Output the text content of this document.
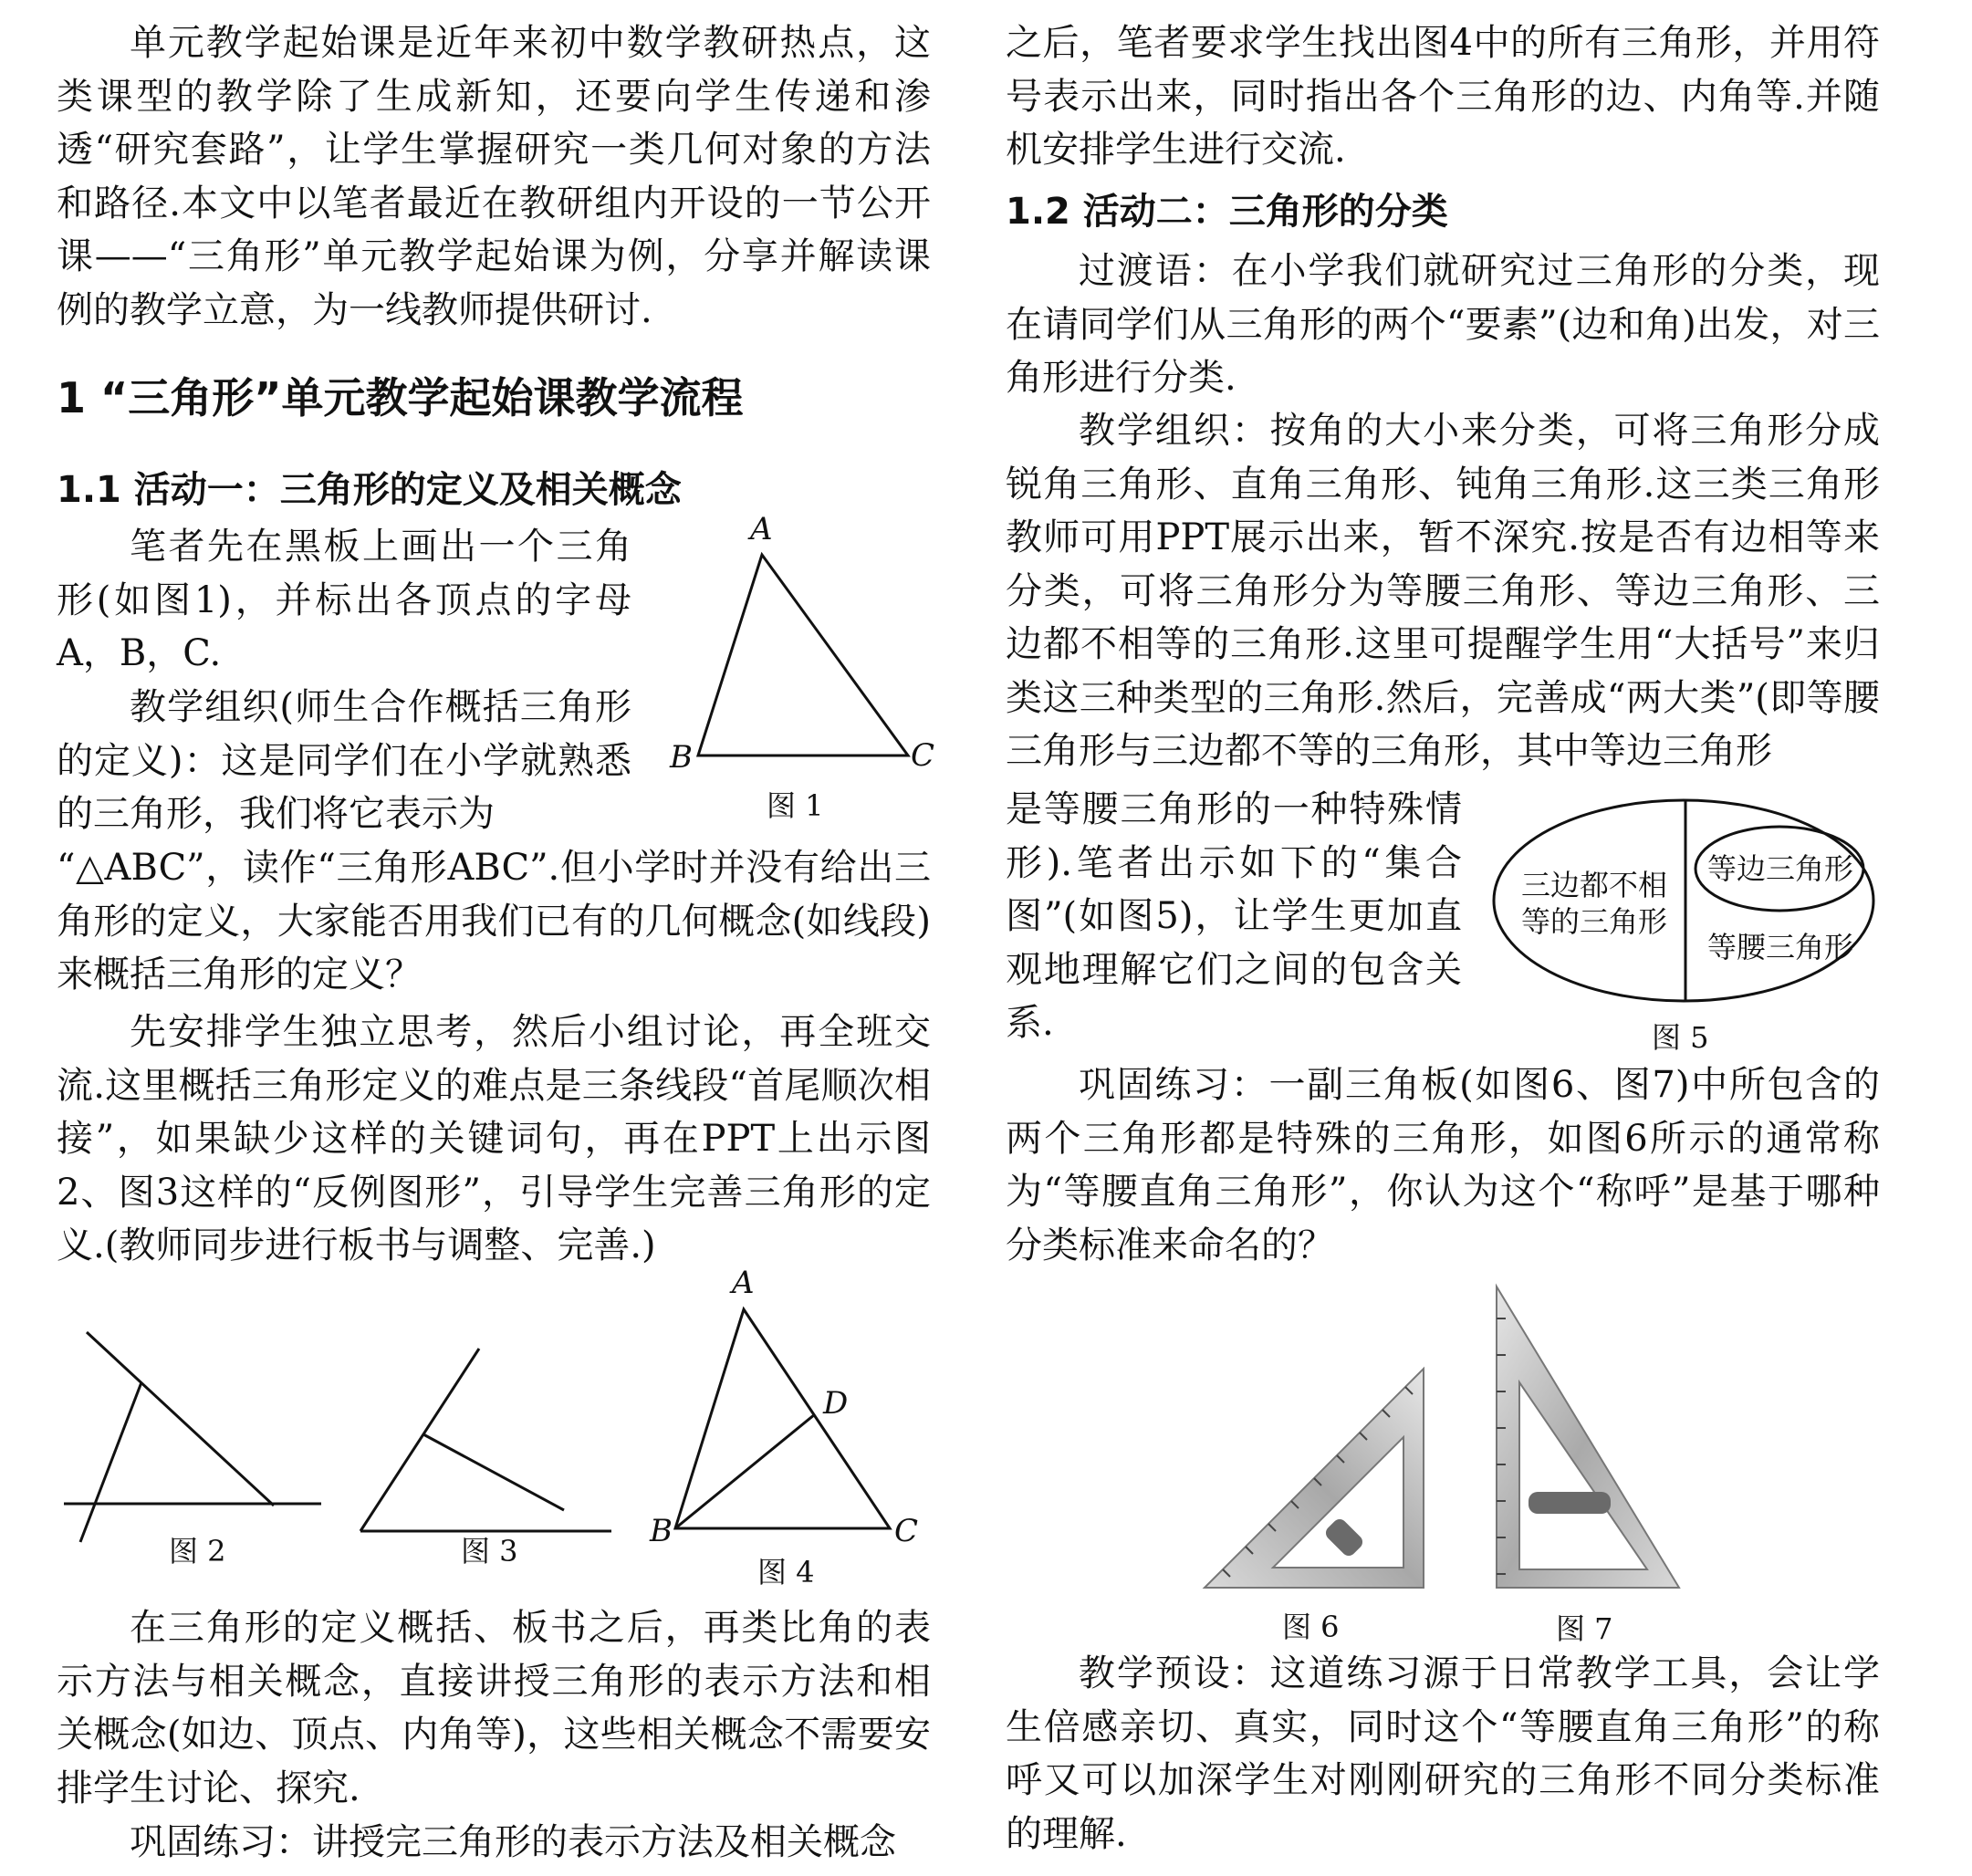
单元教学起始课是近年来初中数学教研热点，这类课型的教学除了生成新知，还要向学生传递和渗透“研究套路”，让学生掌握研究一类几何对象的方法和路径.本文中以笔者最近在教研组内开设的一节公开课——“三角形”单元教学起始课为例，分享并解读课例的教学立意，为一线教师提供研讨.

1 “三角形”单元教学起始课教学流程
1.1 活动一：三角形的定义及相关概念

笔者先在黑板上画出一个三角形(如图1)，并标出各顶点的字母A，B，C.

教学组织(师生合作概括三角形的定义)：这是同学们在小学就熟悉的三角形，我们将它表示为

“△ABC”，读作“三角形ABC”.但小学时并没有给出三角形的定义，大家能否用我们已有的几何概念(如线段)来概括三角形的定义？

先安排学生独立思考，然后小组讨论，再全班交流.这里概括三角形定义的难点是三条线段“首尾顺次相接”，如果缺少这样的关键词句，再在PPT上出示图2、图3这样的“反例图形”，引导学生完善三角形的定义.(教师同步进行板书与调整、完善.)

在三角形的定义概括、板书之后，再类比角的表示方法与相关概念，直接讲授三角形的表示方法和相关概念(如边、顶点、内角等)，这些相关概念不需要安排学生讨论、探究.

巩固练习：讲授完三角形的表示方法及相关概念

A
B	C
图 1
图 2	图 3
A
B	C
D
图 4

之后，笔者要求学生找出图4中的所有三角形，并用符号表示出来，同时指出各个三角形的边、内角等.并随机安排学生进行交流.

1.2 活动二：三角形的分类

过渡语：在小学我们就研究过三角形的分类，现在请同学们从三角形的两个“要素”(边和角)出发，对三角形进行分类.

教学组织：按角的大小来分类，可将三角形分成锐角三角形、直角三角形、钝角三角形.这三类三角形教师可用PPT展示出来，暂不深究.按是否有边相等来分类，可将三角形分为等腰三角形、等边三角形、三边都不相等的三角形.这里可提醒学生用“大括号”来归类这三种类型的三角形.然后，完善成“两大类”(即等腰三角形与三边都不等的三角形，其中等边三角形

是等腰三角形的一种特殊情形).笔者出示如下的“集合图”(如图5)，让学生更加直观地理解它们之间的包含关系.

巩固练习：一副三角板(如图6、图7)中所包含的两个三角形都是特殊的三角形，如图6所示的通常称为“等腰直角三角形”，你认为这个“称呼”是基于哪种分类标准来命名的？

教学预设：这道练习源于日常教学工具，会让学生倍感亲切、真实，同时这个“等腰直角三角形”的称呼又可以加深学生对刚刚研究的三角形不同分类标准的理解.

三边都不相等的三角形
等边三角形
等腰三角形
图 5
图 6	图 7
